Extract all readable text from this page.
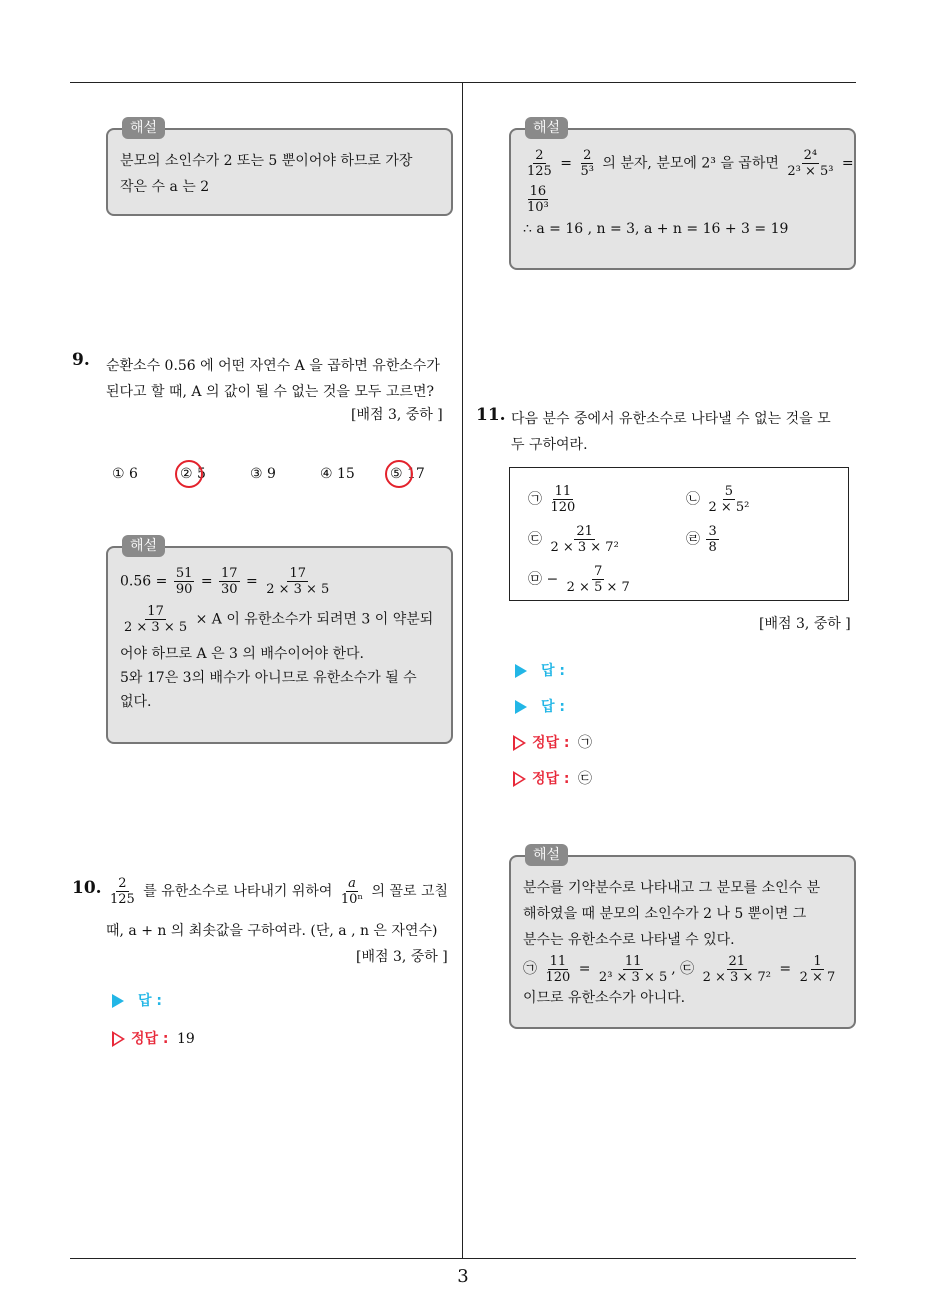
3
해설
분모의 소인수가 2 또는 5 뿐이어야 하므로 가장
작은 수 a 는 2
9.	순환소수 0.56̇ 에 어떤 자연수 A 을 곱하면 유한소수가
된다고 할 때, A 의 값이 될 수 없는 것을 모두 고르면?
[배점 3, 중하 ]
① 6	② 5	③ 9	④ 15	⑤ 17
해설
0.56̇ = $\frac{51}{90} = \frac{17}{30} = \frac{17}{2 \times 3 \times 5}$
$\frac{17}{2 \times 3 \times 5} \times A$ 이 유한소수가 되려면 3 이 약분되
어야 하므로 A 은 3 의 배수이어야 한다.
5와 17은 3의 배수가 아니므로 유한소수가 될 수
없다.
10. $\frac{2}{125}$ 를 유한소수로 나타내기 위하여 $\frac{a}{\text{10ⁿ}}$ 의 꼴로 고칠
때, a + n 의 최솟값을 구하여라. (단, a , n 은 자연수)
[배점 3, 중하 ]
답 :
정답 : 19
해설
$\frac{2}{125} = \frac{2}{\text{5³}}$ 의 분자, 분모에 2³ 을 곱하면 $\frac{\text{2⁴}}{\text{2³ × 5³}}$ =
$\frac{16}{\text{10³}}$
∴ a = 16 , n = 3, a + n = 16 + 3 = 19
11. 다음 분수 중에서 유한소수로 나타낼 수 없는 것을 모
두 구하여라.
㉠ $\frac{11}{120}$	㉡ $\frac{5}{\text{2 × 5²}}$
㉢ $\frac{21}{\text{2 × 3 × 7²}}$	㉣ $\frac{3}{8}$
㉤ − $\frac{7}{2 \times 5 \times 7}$
[배점 3, 중하 ]
답 :
답 :
정답 : ㉠
정답 : ㉢
해설
분수를 기약분수로 나타내고 그 분모를 소인수 분
해하였을 때 분모의 소인수가 2 나 5 뿐이면 그
분수는 유한소수로 나타낼 수 있다.
㉠ $\frac{11}{120} = \frac{11}{\text{2³ × 3 × 5}}$ , ㉢ $\frac{21}{\text{2 × 3 × 7²}} = \frac{1}{2 \times 7}$
이므로 유한소수가 아니다.
